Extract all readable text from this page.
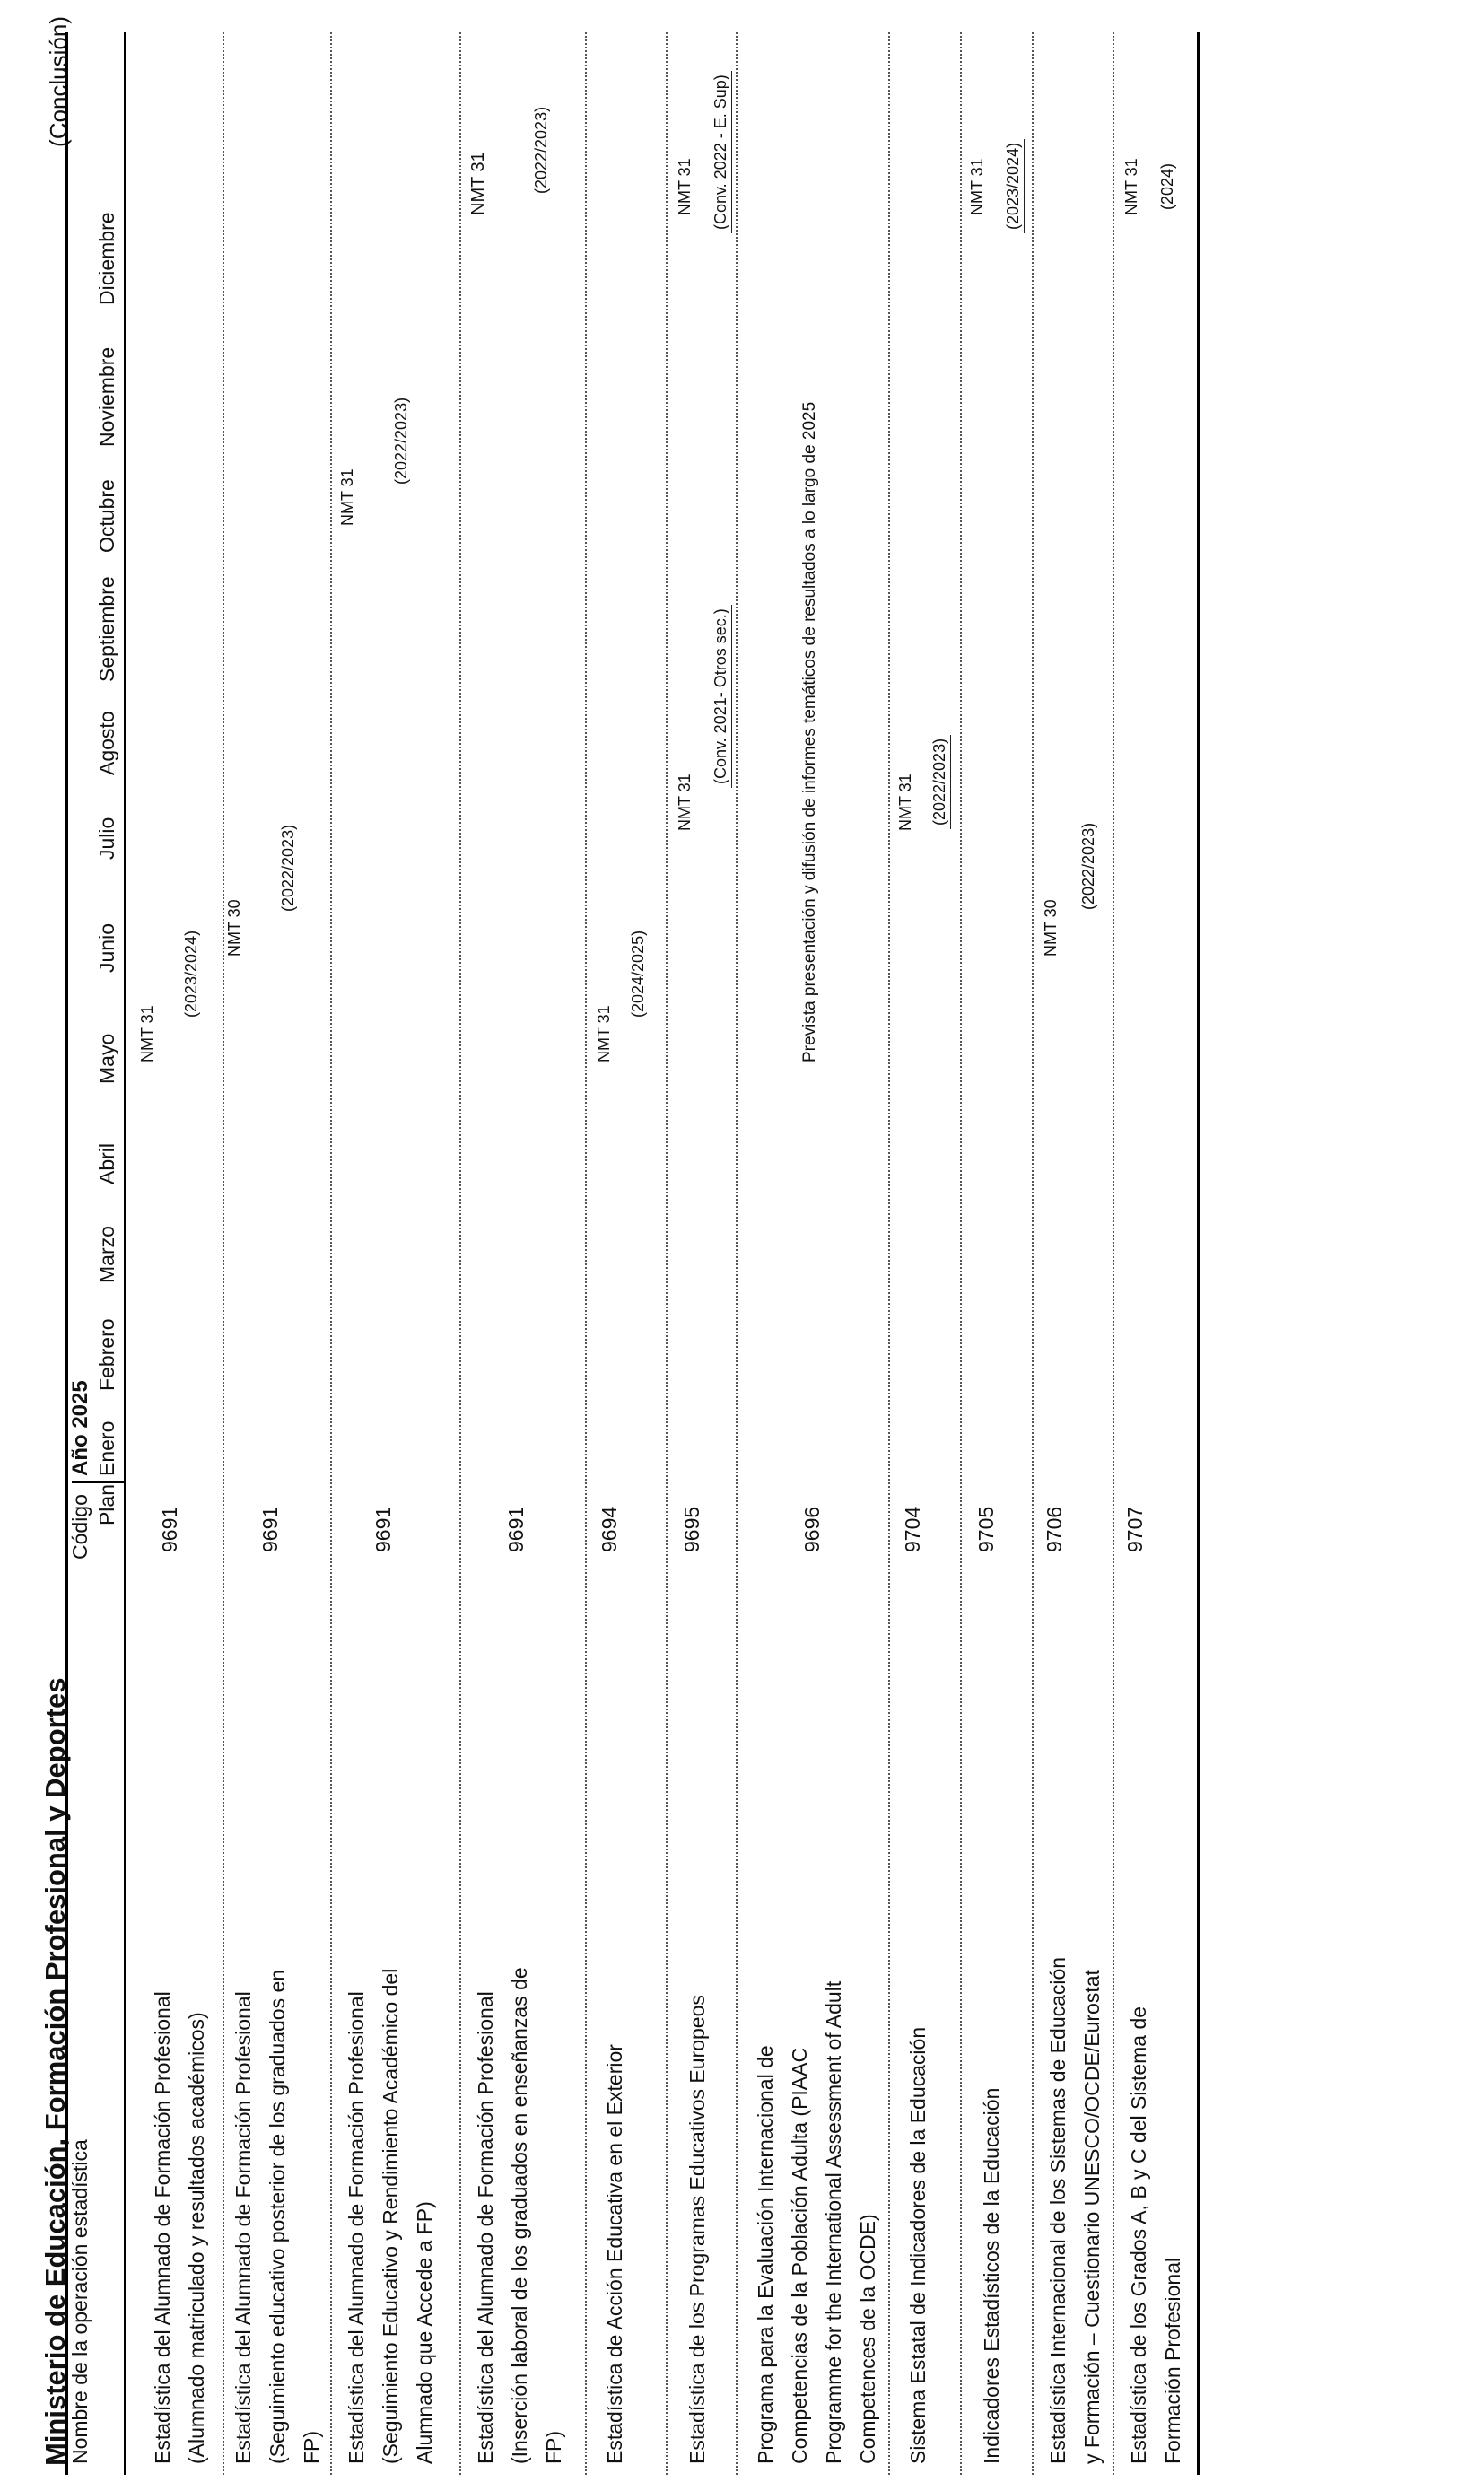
Ministerio de Educación, Formación Profesional y Deportes
(Conclusión)
Nombre de la operación estadística
Código Plan
Año 2025 Enero
Febrero
Marzo
Abril
Mayo
Junio
Julio
Agosto
Septiembre
Octubre
Noviembre
Diciembre
Estadística del Alumnado de Formación Profesional (Alumnado matriculado y resultados académicos)
9691
NMT 31
(2023/2024)
Estadística del Alumnado de Formación Profesional (Seguimiento educativo posterior de los graduados en FP)
9691
NMT 30
(2022/2023)
Estadística del Alumnado de Formación Profesional (Seguimiento Educativo y Rendimiento Académico del Alumnado que Accede a FP)
9691
NMT 31
(2022/2023)
Estadística del Alumnado de Formación Profesional (Inserción laboral de los graduados en enseñanzas de FP)
9691
NMT 31	(2022/2023)
Estadística de Acción Educativa en el Exterior
9694
NMT 31
(2024/2025)
Estadística de los Programas Educativos Europeos
9695
NMT 31
(Conv. 2021- Otros sec.)
NMT 31 (Conv. 2022 - E. Sup)
Programa para la Evaluación Internacional de Competencias de la Población Adulta (PIAAC Programme for the International Assessment of Adult Competences de la OCDE)
9696
Prevista presentación y difusión de informes temáticos de resultados a lo largo de 2025
Sistema Estatal de Indicadores de la Educación
9704
NMT 31 (2022/2023)
Indicadores Estadísticos de la Educación
9705
NMT 31 (2023/2024)
Estadística Internacional de los Sistemas de Educación y Formación – Cuestionario UNESCO/OCDE/Eurostat
9706
NMT 30
(2022/2023)
Estadística de los Grados A, B y C del Sistema de Formación Profesional
9707
NMT 31 (2024)
